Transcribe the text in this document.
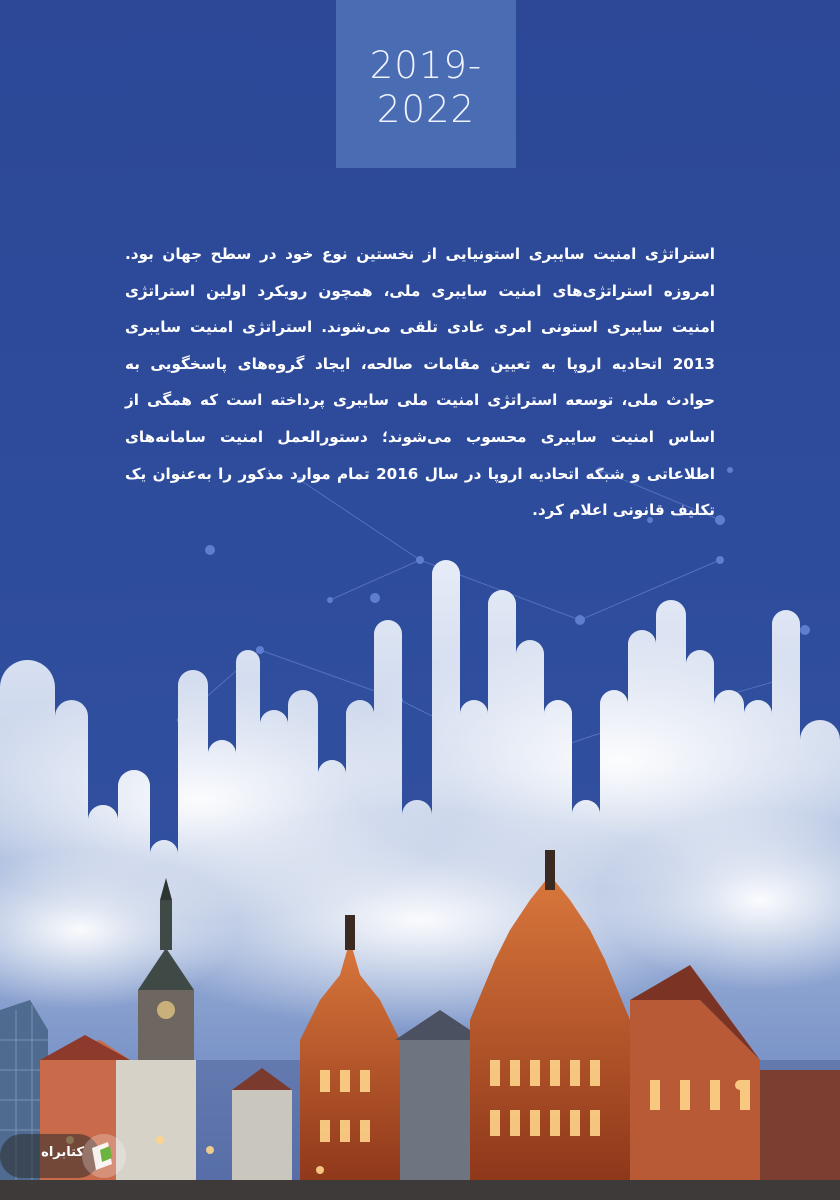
2019-
2022
استراتژی امنیت سایبری استونیایی از نخستین نوع خود در سطح جهان بود. امروزه استراتژی‌های امنیت سایبری ملی، همچون رویکرد اولین استراتژی امنیت سایبری استونی امری عادی تلقی می‌شوند. استراتژی امنیت سایبری 2013 اتحادیه اروپا به تعیین مقامات صالحه، ایجاد گروه‌های پاسخگویی به حوادث ملی، توسعه استراتژی امنیت ملی سایبری پرداخته است که همگی از اساس امنیت سایبری محسوب می‌شوند؛ دستورالعمل امنیت سامانه‌های اطلاعاتی و شبکه اتحادیه اروپا در سال 2016 تمام موارد مذکور را به‌عنوان یک تکلیف قانونی اعلام کرد.
کتابراه
